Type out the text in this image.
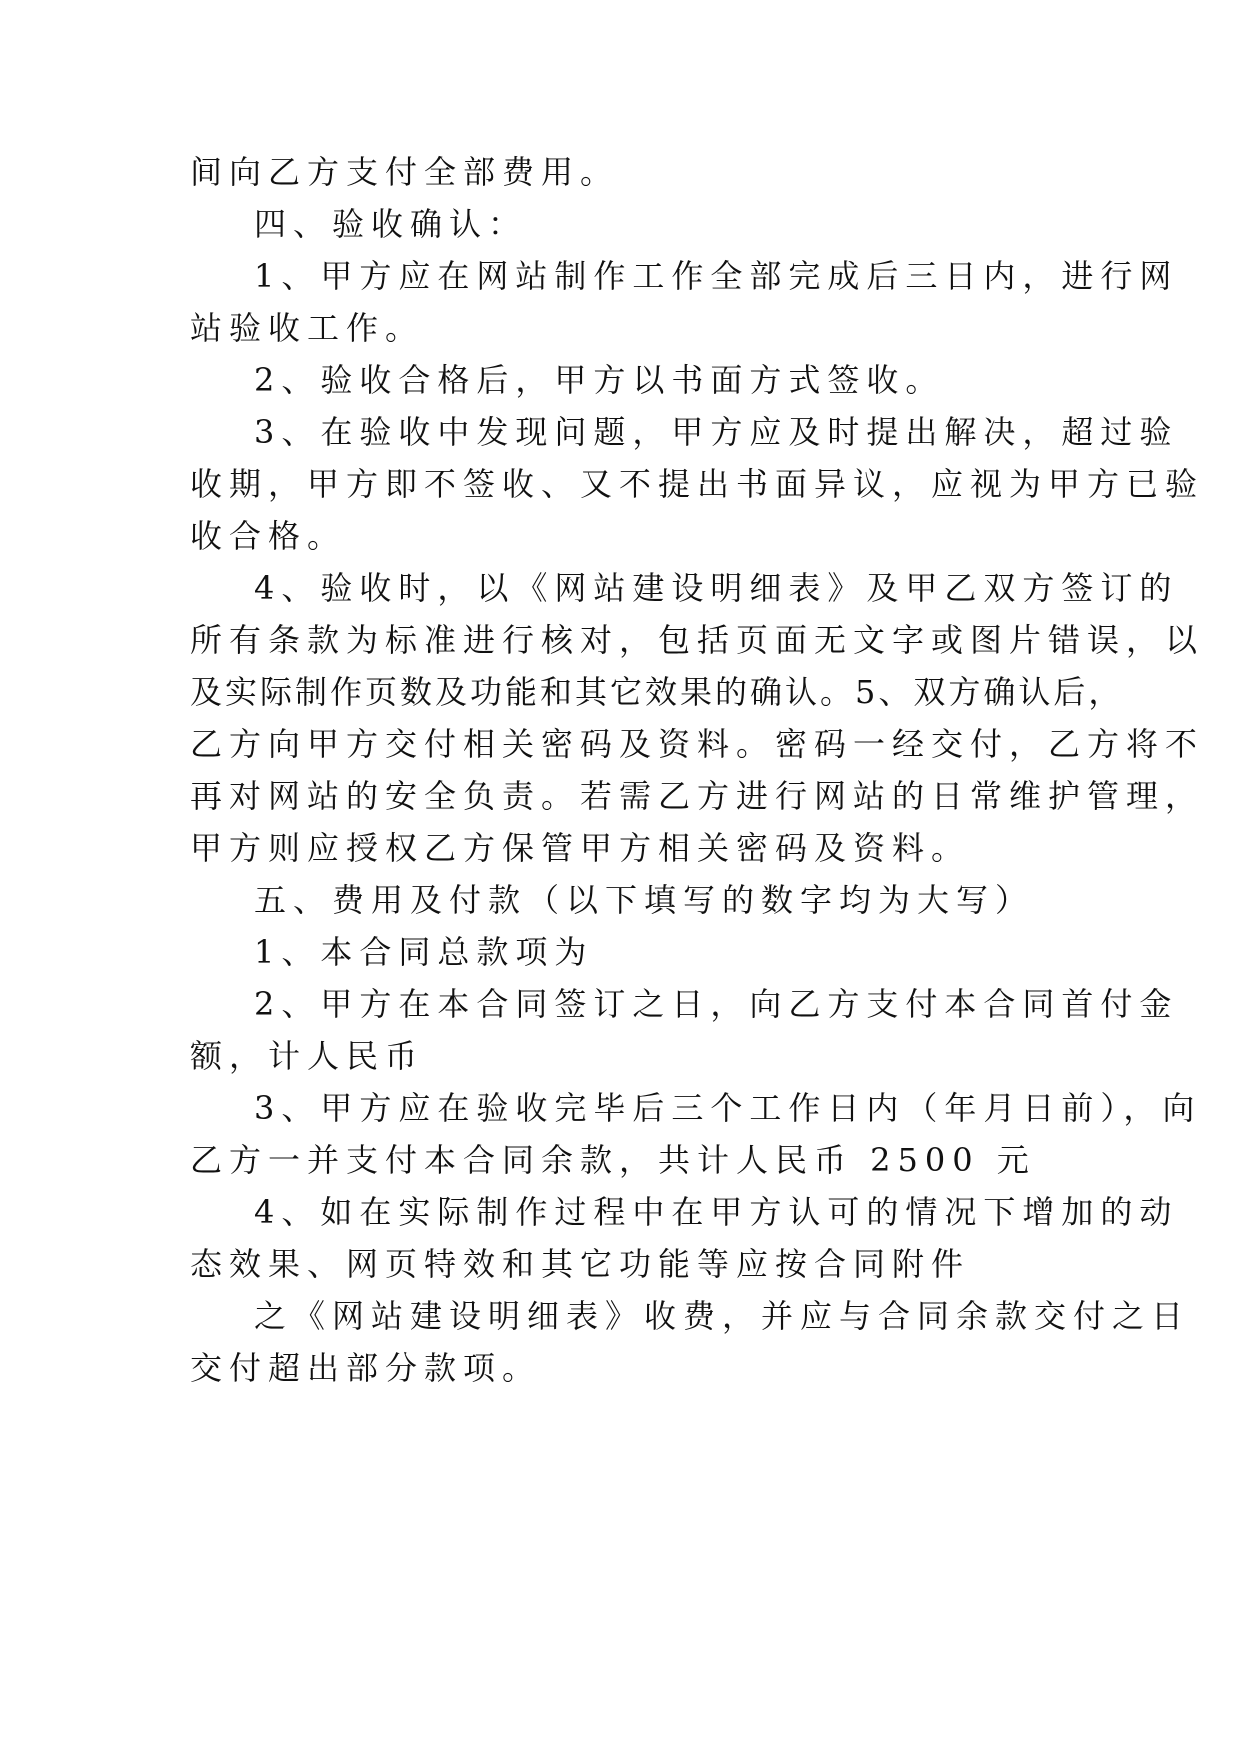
间向乙方支付全部费用。
四、验收确认：
1、甲方应在网站制作工作全部完成后三日内，进行网
站验收工作。
2、验收合格后，甲方以书面方式签收。
3、在验收中发现问题，甲方应及时提出解决，超过验
收期，甲方即不签收、又不提出书面异议，应视为甲方已验
收合格。
4、验收时，以《网站建设明细表》及甲乙双方签订的
所有条款为标准进行核对，包括页面无文字或图片错误，以
及实际制作页数及功能和其它效果的确认。5、双方确认后，
乙方向甲方交付相关密码及资料。密码一经交付，乙方将不
再对网站的安全负责。若需乙方进行网站的日常维护管理，
甲方则应授权乙方保管甲方相关密码及资料。
五、费用及付款（以下填写的数字均为大写）
1、本合同总款项为
2、甲方在本合同签订之日，向乙方支付本合同首付金
额，计人民币
3、甲方应在验收完毕后三个工作日内（年月日前），向
乙方一并支付本合同余款，共计人民币 2500 元
4、如在实际制作过程中在甲方认可的情况下增加的动
态效果、网页特效和其它功能等应按合同附件
之《网站建设明细表》收费，并应与合同余款交付之日
交付超出部分款项。
